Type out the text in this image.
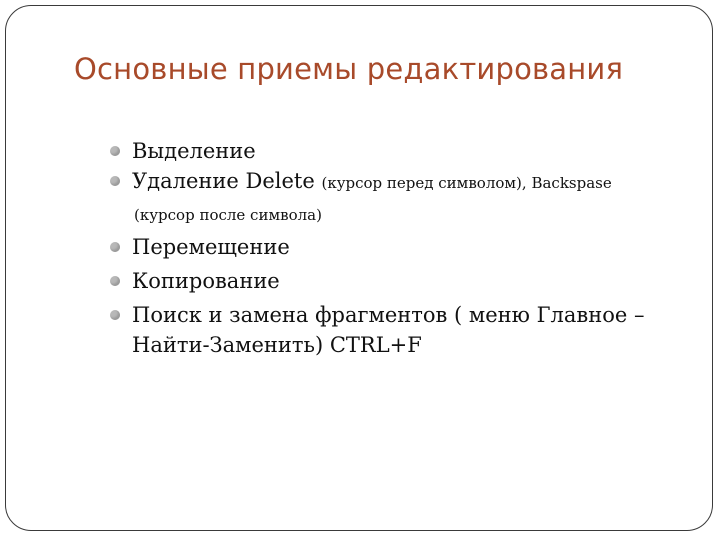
Основные приемы редактирования
Выделение
Удаление Delete (курсор перед символом), Backspase
(курсор после символа)
Перемещение
Копирование
Поиск и замена фрагментов ( меню Главное – Найти-Заменить) CTRL+F
